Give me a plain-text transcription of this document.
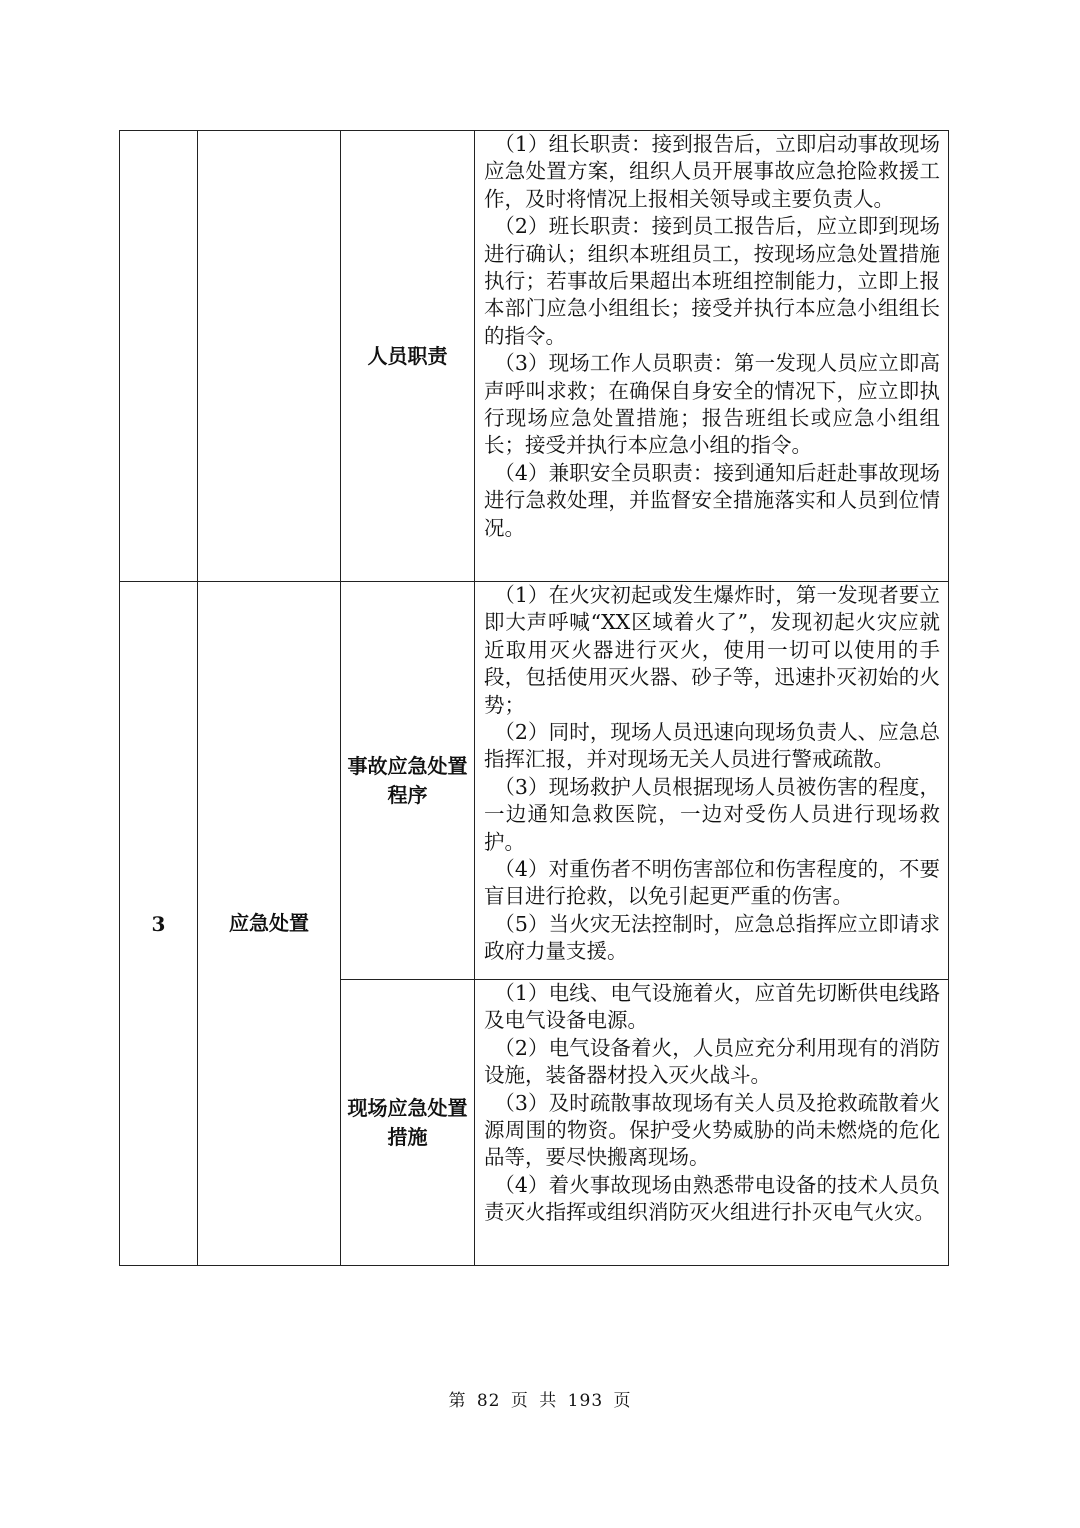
		人员职责	（1）组长职责：接到报告后，立即启动事故现场应急处置方案，组织人员开展事故应急抢险救援工作，及时将情况上报相关领导或主要负责人。

（2）班长职责：接到员工报告后，应立即到现场进行确认；组织本班组员工，按现场应急处置措施执行；若事故后果超出本班组控制能力，立即上报本部门应急小组组长；接受并执行本应急小组组长的指令。

（3）现场工作人员职责：第一发现人员应立即高声呼叫求救；在确保自身安全的情况下，应立即执行现场应急处置措施；报告班组长或应急小组组长；接受并执行本应急小组的指令。

（4）兼职安全员职责：接到通知后赶赴事故现场进行急救处理，并监督安全措施落实和人员到位情况。

3	应急处置	事故应急处置程序	（1）在火灾初起或发生爆炸时，第一发现者要立即大声呼喊“XX区域着火了”，发现初起火灾应就近取用灭火器进行灭火，使用一切可以使用的手段，包括使用灭火器、砂子等，迅速扑灭初始的火势；

（2）同时，现场人员迅速向现场负责人、应急总指挥汇报，并对现场无关人员进行警戒疏散。

（3）现场救护人员根据现场人员被伤害的程度，一边通知急救医院，一边对受伤人员进行现场救护。

（4）对重伤者不明伤害部位和伤害程度的，不要盲目进行抢救，以免引起更严重的伤害。

（5）当火灾无法控制时，应急总指挥应立即请求政府力量支援。

		现场应急处置措施	（1）电线、电气设施着火，应首先切断供电线路及电气设备电源。

（2）电气设备着火，人员应充分利用现有的消防设施，装备器材投入灭火战斗。

（3）及时疏散事故现场有关人员及抢救疏散着火源周围的物资。保护受火势威胁的尚未燃烧的危化品等，要尽快搬离现场。

（4）着火事故现场由熟悉带电设备的技术人员负责灭火指挥或组织消防灭火组进行扑灭电气火灾。

第 82 页 共 193 页
